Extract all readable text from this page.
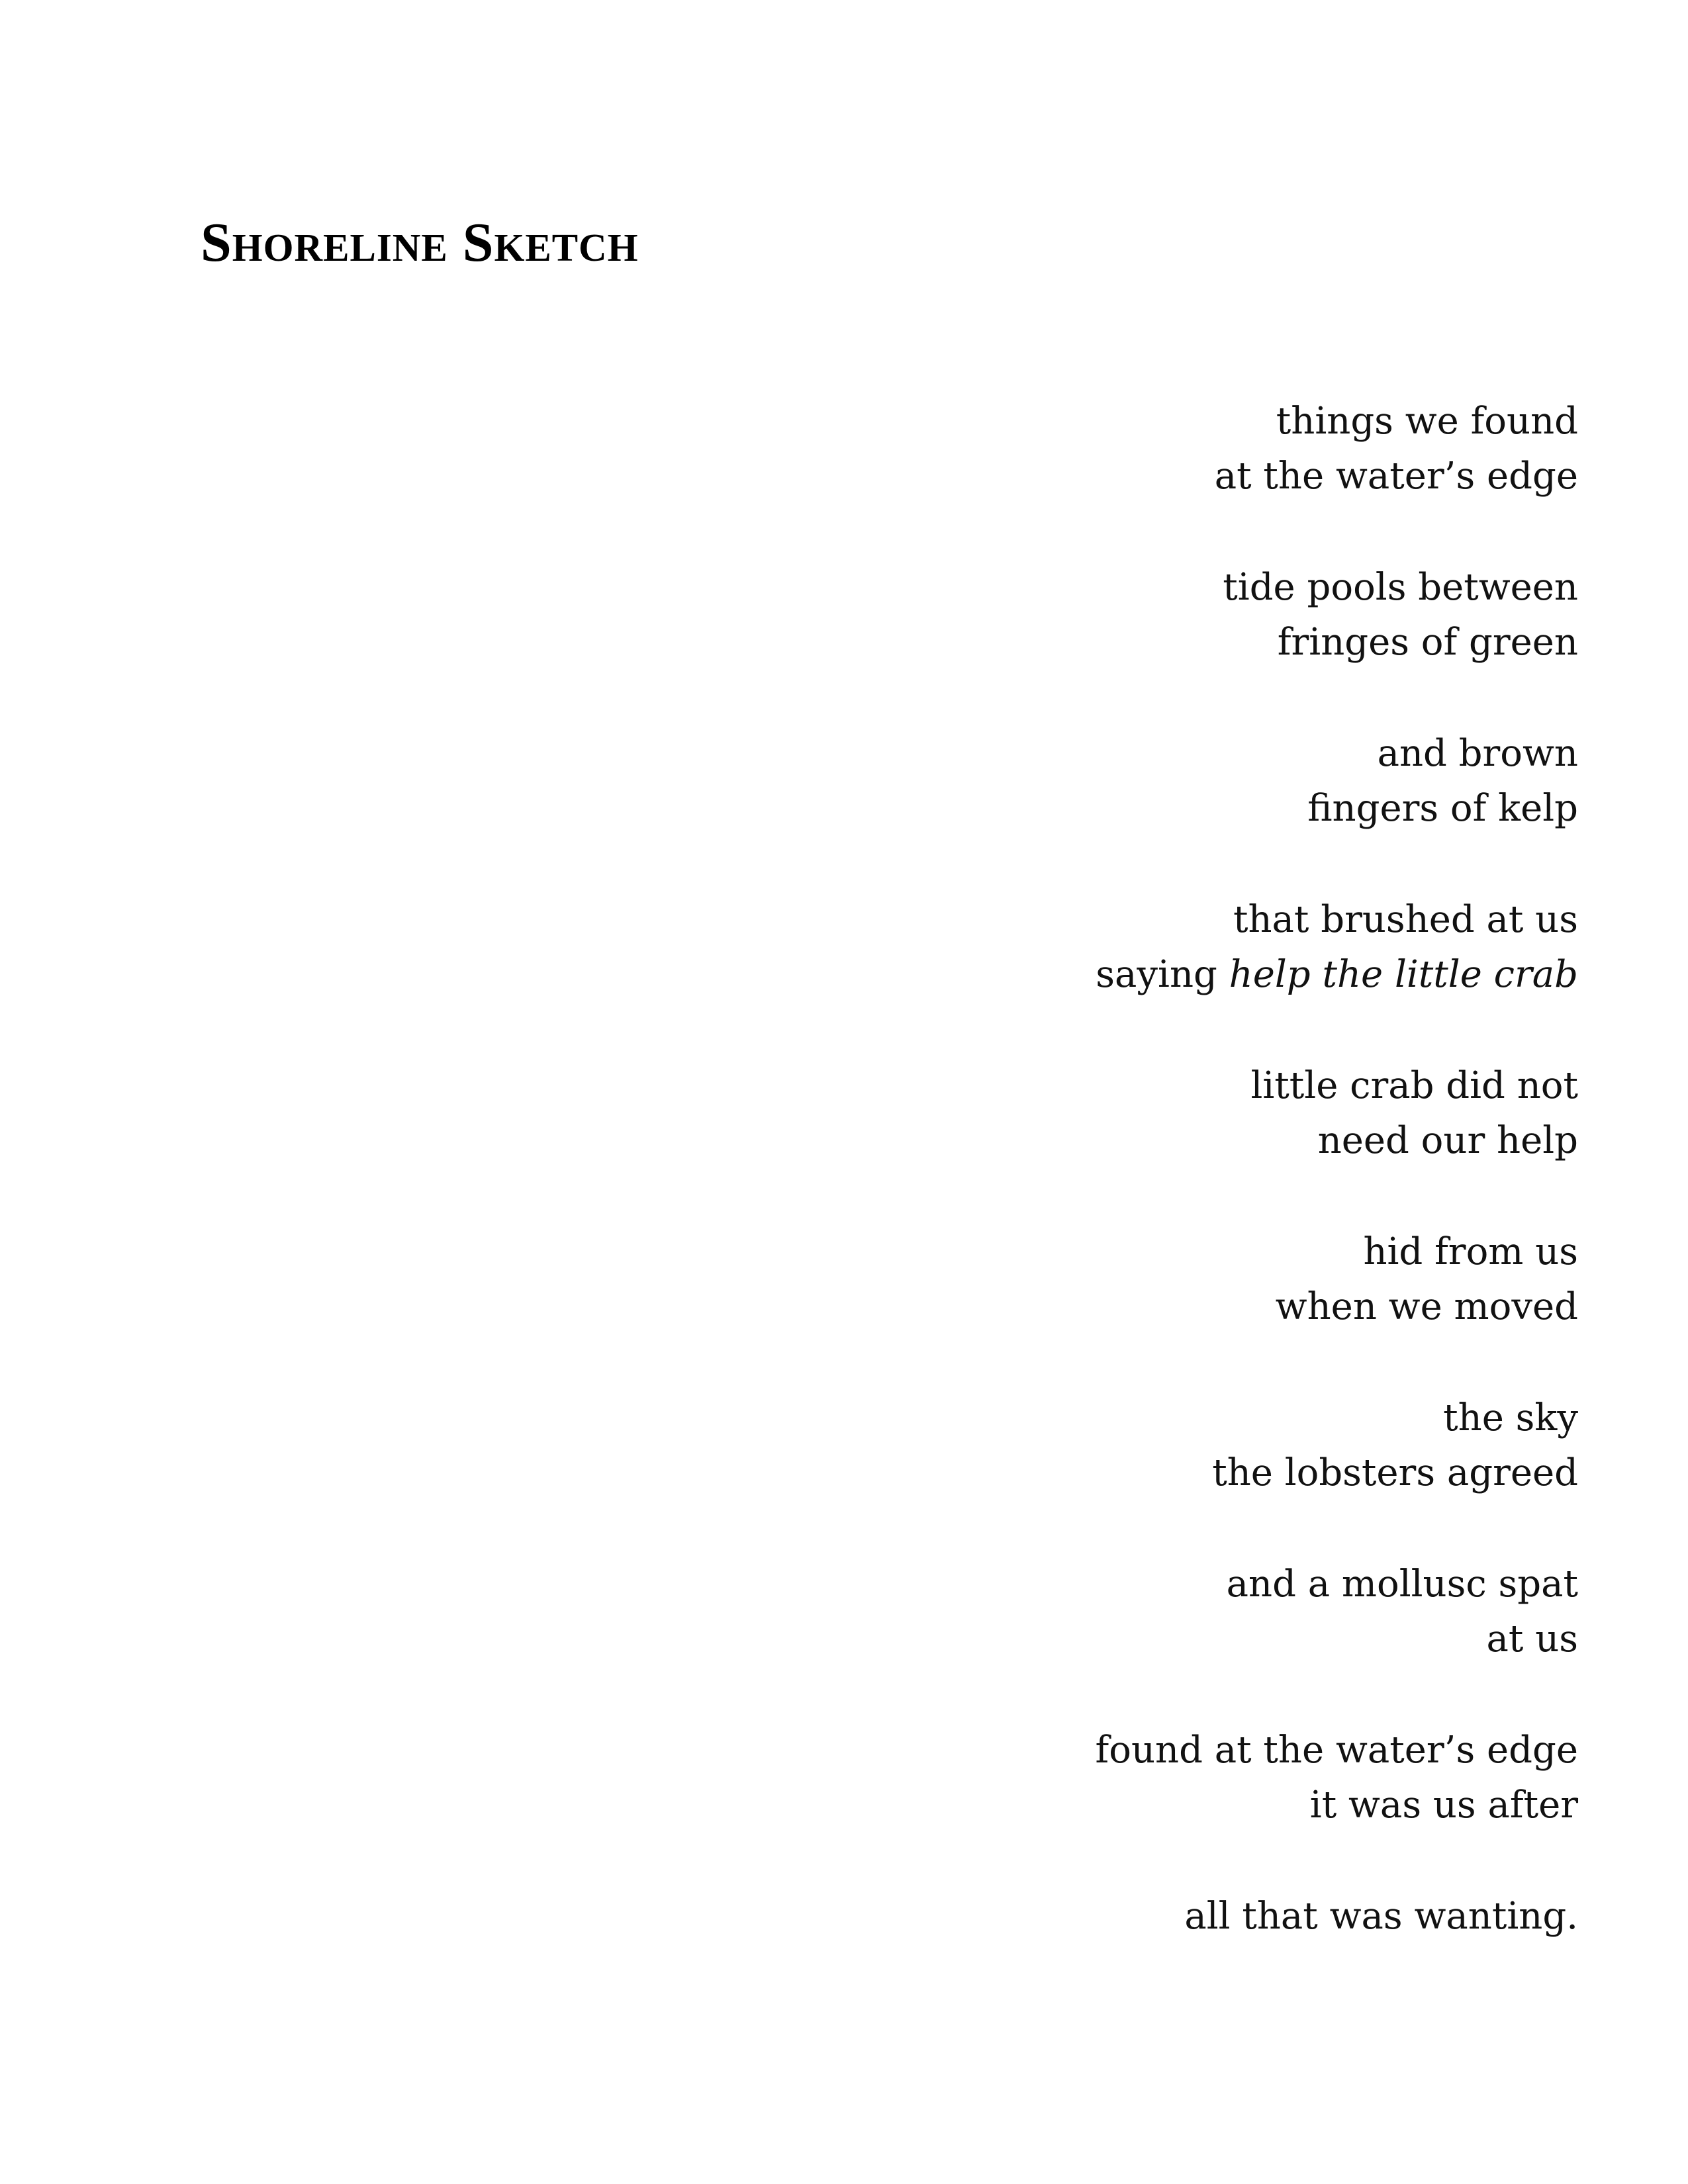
Shoreline Sketch

things we found
at the water’s edge

tide pools between
fringes of green

and brown
fingers of kelp

that brushed at us
saying help the little crab

little crab did not
need our help

hid from us
when we moved

the sky
the lobsters agreed

and a mollusc spat
at us

found at the water’s edge
it was us after

all that was wanting.
